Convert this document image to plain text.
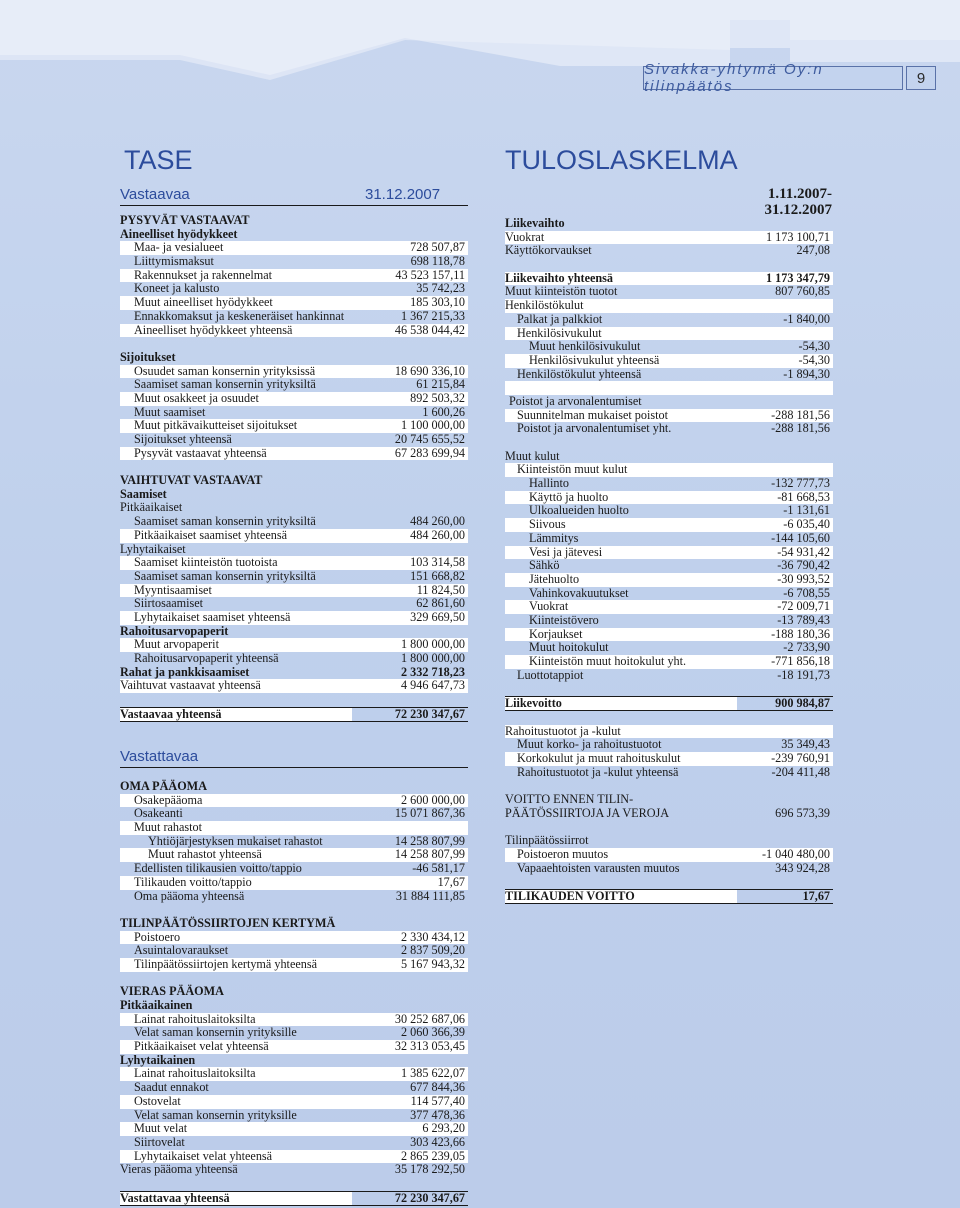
Sivakka-yhtymä Oy:n tilinpäätös	9
TASE	TULOSLASKELMA
Vastaavaa	31.12.2007
PYSYVÄT VASTAAVAT
Aineelliset hyödykkeet
Maa- ja vesialueet	728 507,87
Liittymismaksut	698 118,78
Rakennukset ja rakennelmat	43 523 157,11
Koneet ja kalusto	35 742,23
Muut aineelliset hyödykkeet	185 303,10
Ennakkomaksut ja keskeneräiset hankinnat	1 367 215,33
Aineelliset hyödykkeet yhteensä	46 538 044,42
Sijoitukset
Osuudet saman konsernin yrityksissä	18 690 336,10
Saamiset saman konsernin yrityksiltä	61 215,84
Muut osakkeet ja osuudet	892 503,32
Muut saamiset	1 600,26
Muut pitkävaikutteiset sijoitukset	1 100 000,00
Sijoitukset yhteensä	20 745 655,52
Pysyvät vastaavat yhteensä	67 283 699,94
VAIHTUVAT VASTAAVAT
Saamiset
Pitkäaikaiset
Saamiset saman konsernin yrityksiltä	484 260,00
Pitkäaikaiset saamiset yhteensä	484 260,00
Lyhytaikaiset
Saamiset kiinteistön tuotoista	103 314,58
Saamiset saman konsernin yrityksiltä	151 668,82
Myyntisaamiset	11 824,50
Siirtosaamiset	62 861,60
Lyhytaikaiset saamiset yhteensä	329 669,50
Rahoitusarvopaperit
Muut arvopaperit	1 800 000,00
Rahoitusarvopaperit yhteensä	1 800 000,00
Rahat ja pankkisaamiset	2 332 718,23
Vaihtuvat vastaavat yhteensä	4 946 647,73
Vastaavaa yhteensä	72 230 347,67
Vastattavaa
OMA PÄÄOMA
Osakepääoma	2 600 000,00
Osakeanti	15 071 867,36
Muut rahastot
Yhtiöjärjestyksen mukaiset rahastot	14 258 807,99
Muut rahastot yhteensä	14 258 807,99
Edellisten tilikausien voitto/tappio	-46 581,17
Tilikauden voitto/tappio	17,67
Oma pääoma yhteensä	31 884 111,85
TILINPÄÄTÖSSIIRTOJEN KERTYMÄ
Poistoero	2 330 434,12
Asuintalovaraukset	2 837 509,20
Tilinpäätössiirtojen kertymä yhteensä	5 167 943,32
VIERAS PÄÄOMA
Pitkäaikainen
Lainat rahoituslaitoksilta	30 252 687,06
Velat saman konsernin yrityksille	2 060 366,39
Pitkäaikaiset velat yhteensä	32 313 053,45
Lyhytaikainen
Lainat rahoituslaitoksilta	1 385 622,07
Saadut ennakot	677 844,36
Ostovelat	114 577,40
Velat saman konsernin yrityksille	377 478,36
Muut velat	6 293,20
Siirtovelat	303 423,66
Lyhytaikaiset velat yhteensä	2 865 239,05
Vieras pääoma yhteensä	35 178 292,50
Vastattavaa yhteensä	72 230 347,67
1.11.2007-31.12.2007
Liikevaihto
Vuokrat	1 173 100,71
Käyttökorvaukset	247,08
Liikevaihto yhteensä	1 173 347,79
Muut kiinteistön tuotot	807 760,85
Henkilöstökulut
Palkat ja palkkiot	-1 840,00
Henkilösivukulut
Muut henkilösivukulut	-54,30
Henkilösivukulut yhteensä	-54,30
Henkilöstökulut yhteensä	-1 894,30
Poistot ja arvonalentumiset
Suunnitelman mukaiset poistot	-288 181,56
Poistot ja arvonalentumiset yht.	-288 181,56
Muut kulut
Kiinteistön muut kulut
Hallinto	-132 777,73
Käyttö ja huolto	-81 668,53
Ulkoalueiden huolto	-1 131,61
Siivous	-6 035,40
Lämmitys	-144 105,60
Vesi ja jätevesi	-54 931,42
Sähkö	-36 790,42
Jätehuolto	-30 993,52
Vahinkovakuutukset	-6 708,55
Vuokrat	-72 009,71
Kiinteistövero	-13 789,43
Korjaukset	-188 180,36
Muut hoitokulut	-2 733,90
Kiinteistön muut hoitokulut yht.	-771 856,18
Luottotappiot	-18 191,73
Liikevoitto	900 984,87
Rahoitustuotot ja -kulut
Muut korko- ja rahoitustuotot	35 349,43
Korkokulut ja muut rahoituskulut	-239 760,91
Rahoitustuotot ja -kulut yhteensä	-204 411,48
VOITTO ENNEN TILIN-
PÄÄTÖSSIIRTOJA JA VEROJA	696 573,39
Tilinpäätössiirrot
Poistoeron muutos	-1 040 480,00
Vapaaehtoisten varausten muutos	343 924,28
TILIKAUDEN VOITTO	17,67
